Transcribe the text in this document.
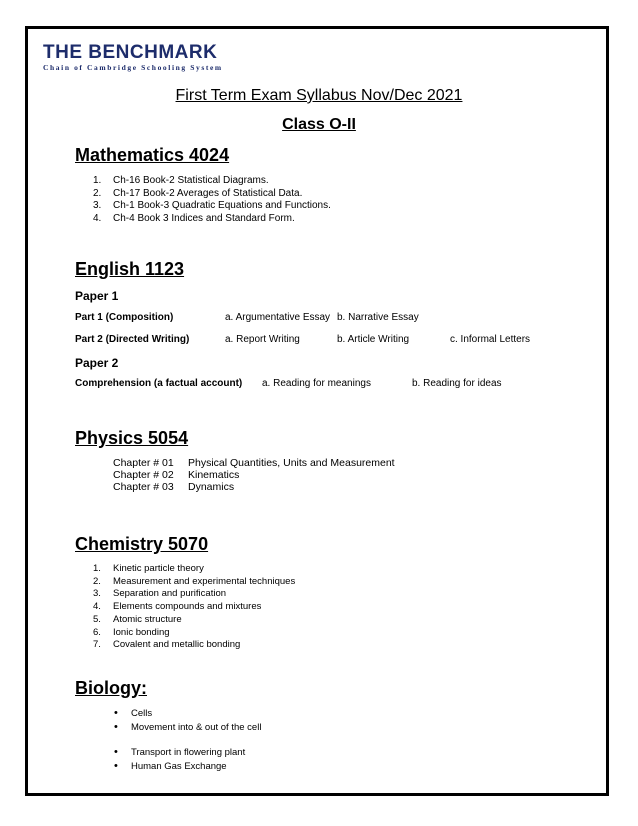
THE BENCHMARK
Chain of Cambridge Schooling System
First Term Exam Syllabus Nov/Dec 2021
Class O-II
Mathematics 4024
1.	Ch-16 Book-2 Statistical Diagrams.
2.	Ch-17 Book-2 Averages of Statistical Data.
3.	Ch-1 Book-3 Quadratic Equations and Functions.
4.	Ch-4 Book 3 Indices and Standard Form.
English 1123
Paper 1
Part 1 (Composition)	a. Argumentative Essay b. Narrative Essay
Part 2 (Directed Writing)	a. Report Writing	b. Article Writing	c. Informal Letters
Paper 2
Comprehension (a factual account) a. Reading for meanings	b. Reading for ideas
Physics 5054
Chapter # 01 Physical Quantities, Units and Measurement
Chapter # 02 Kinematics
Chapter # 03 Dynamics
Chemistry 5070
1.	Kinetic particle theory
2.	Measurement and experimental techniques
3.	Separation and purification
4.	Elements compounds and mixtures
5.	Atomic structure
6.	Ionic bonding
7.	Covalent and metallic bonding
Biology:
• Cells
• Movement into & out of the cell
• Transport in flowering plant
• Human Gas Exchange
